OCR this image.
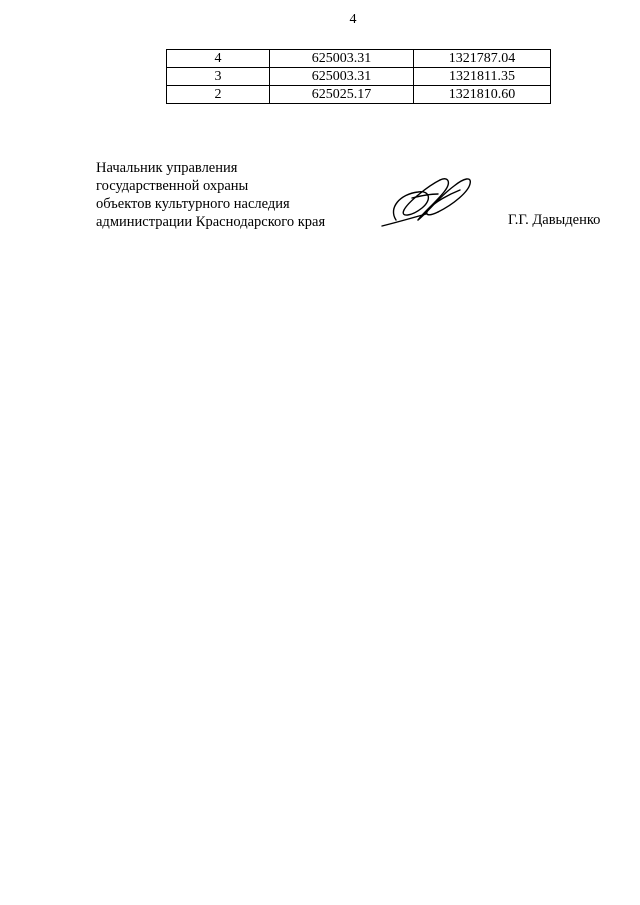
4
4	625003.31	1321787.04
3	625003.31	1321811.35
2	625025.17	1321810.60
Начальник управления
государственной охраны
объектов культурного наследия
администрации Краснодарского края	Г.Г. Давыденко
